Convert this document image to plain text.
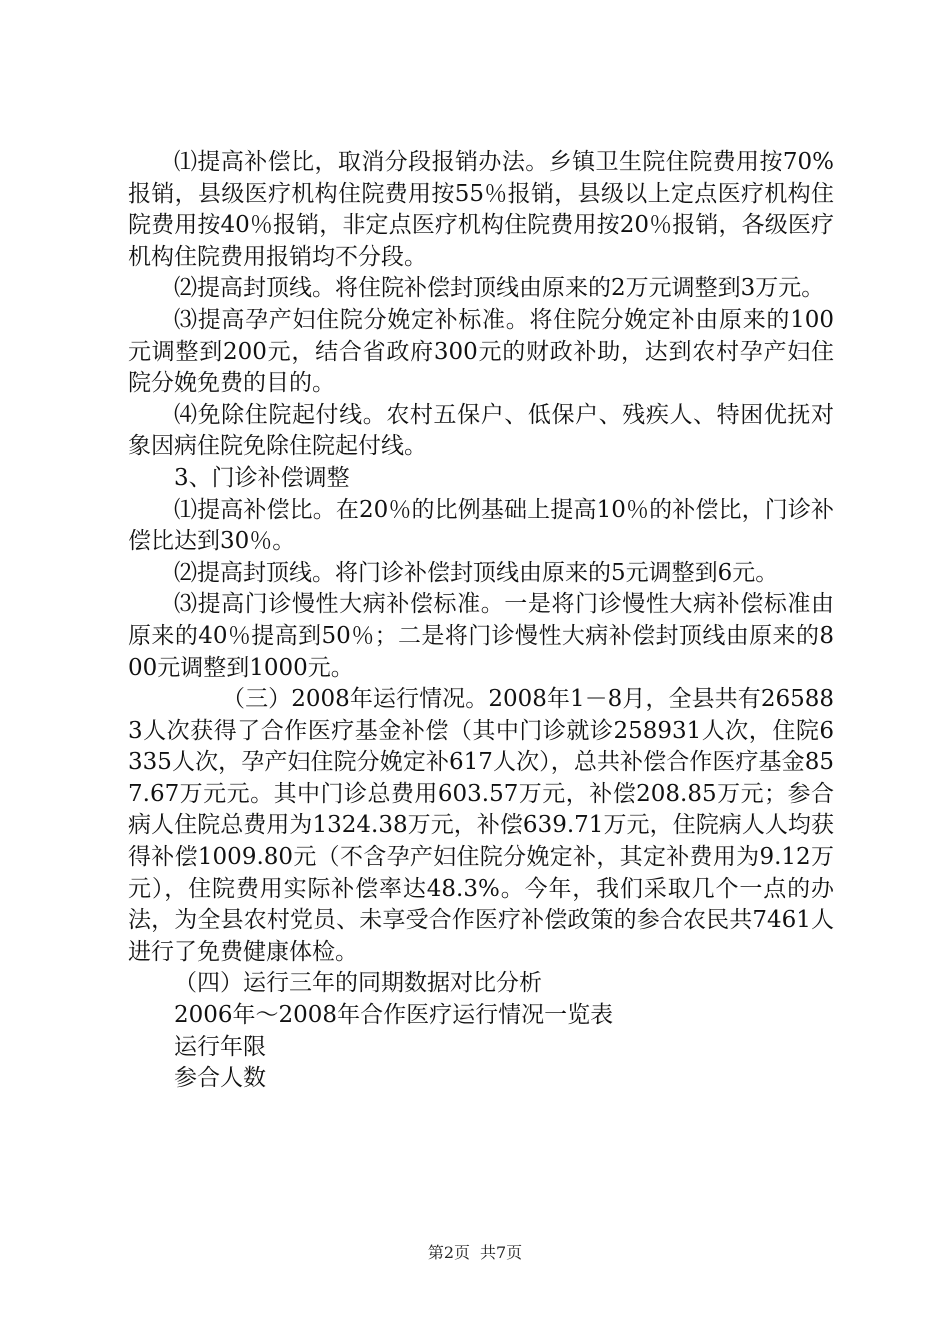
⑴提高补偿比，取消分段报销办法。乡镇卫生院住院费用按70%报销，县级医疗机构住院费用按55％报销，县级以上定点医疗机构住院费用按40％报销，非定点医疗机构住院费用按20％报销，各级医疗机构住院费用报销均不分段。

⑵提高封顶线。将住院补偿封顶线由原来的2万元调整到3万元。

⑶提高孕产妇住院分娩定补标准。将住院分娩定补由原来的100元调整到200元，结合省政府300元的财政补助，达到农村孕产妇住院分娩免费的目的。

⑷免除住院起付线。农村五保户、低保户、残疾人、特困优抚对象因病住院免除住院起付线。

3、门诊补偿调整

⑴提高补偿比。在20％的比例基础上提高10％的补偿比，门诊补偿比达到30％。

⑵提高封顶线。将门诊补偿封顶线由原来的5元调整到6元。

⑶提高门诊慢性大病补偿标准。一是将门诊慢性大病补偿标准由原来的40％提高到50％；二是将门诊慢性大病补偿封顶线由原来的800元调整到1000元。

（三）2008年运行情况。2008年1－8月，全县共有265883人次获得了合作医疗基金补偿（其中门诊就诊258931人次，住院6335人次，孕产妇住院分娩定补617人次），总共补偿合作医疗基金857.67万元元。其中门诊总费用603.57万元，补偿208.85万元；参合病人住院总费用为1324.38万元，补偿639.71万元，住院病人人均获得补偿1009.80元（不含孕产妇住院分娩定补，其定补费用为9.12万元），住院费用实际补偿率达48.3%。今年，我们采取几个一点的办法，为全县农村党员、未享受合作医疗补偿政策的参合农民共7461人进行了免费健康体检。

（四）运行三年的同期数据对比分析

2006年～2008年合作医疗运行情况一览表

运行年限

参合人数

第2页 共7页
